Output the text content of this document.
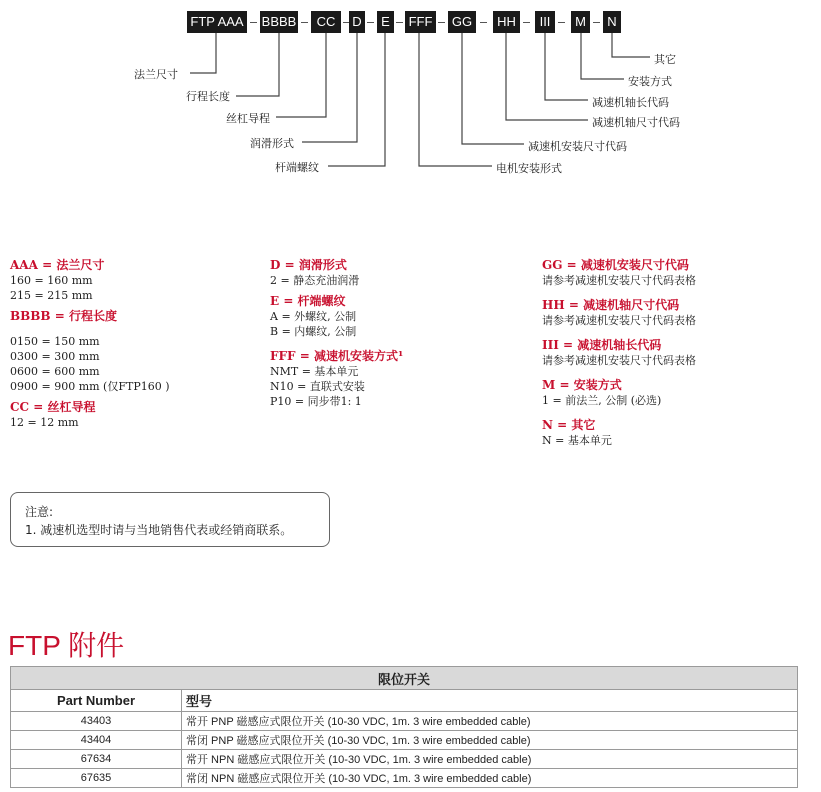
FTP AAA BBBB	CC	D	E	FFF GG	HH	III	M	N
法兰尺寸
行程长度
丝杠导程
润滑形式
杆端螺纹	电机安装形式
减速机安装尺寸代码
减速机轴尺寸代码
减速机轴长代码
安装方式
其它
AAA = 法兰尺寸
160 = 160 mm
215 = 215 mm
BBBB = 行程长度
0150 = 150 mm
0300 = 300 mm
0600 = 600 mm
0900 = 900 mm (仅FTP160 )
CC = 丝杠导程
12 = 12 mm
D = 润滑形式
2 = 静态充油润滑
E = 杆端螺纹
A = 外螺纹, 公制
B = 内螺纹, 公制
FFF = 减速机安装方式¹
NMT = 基本单元
N10 = 直联式安装
P10 = 同步带1: 1
GG = 减速机安装尺寸代码
请参考减速机安装尺寸代码表格
HH = 减速机轴尺寸代码
请参考减速机安装尺寸代码表格
III = 减速机轴长代码
请参考减速机安装尺寸代码表格
M = 安装方式
1 = 前法兰, 公制 (必选)
N = 其它
N = 基本单元
注意:
1. 减速机选型时请与当地销售代表或经销商联系。
FTP 附件
限位开关	
Part Number	型号
43403	常开 PNP 磁感应式限位开关 (10-30 VDC, 1m. 3 wire embedded cable)
43404	常闭 PNP 磁感应式限位开关 (10-30 VDC, 1m. 3 wire embedded cable)
67634	常开 NPN 磁感应式限位开关 (10-30 VDC, 1m. 3 wire embedded cable)
67635	常闭 NPN 磁感应式限位开关 (10-30 VDC, 1m. 3 wire embedded cable)
